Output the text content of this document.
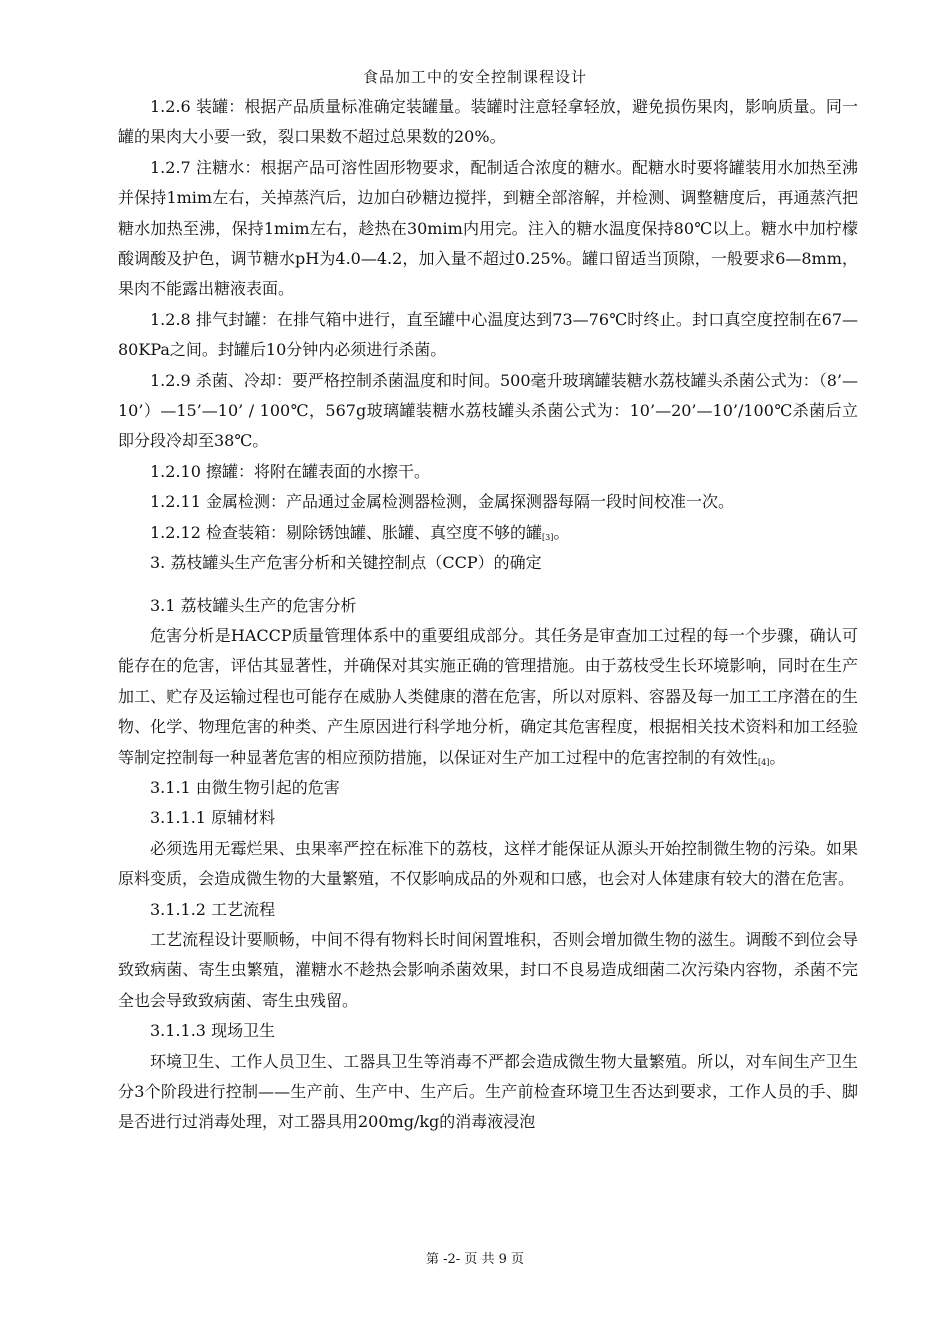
食品加工中的安全控制课程设计

1.2.6 装罐：根据产品质量标准确定装罐量。装罐时注意轻拿轻放，避免损伤果肉，影响质量。同一罐的果肉大小要一致，裂口果数不超过总果数的20%。

1.2.7 注糖水：根据产品可溶性固形物要求，配制适合浓度的糖水。配糖水时要将罐装用水加热至沸并保持1mim左右，关掉蒸汽后，边加白砂糖边搅拌，到糖全部溶解，并检测、调整糖度后，再通蒸汽把糖水加热至沸，保持1mim左右，趁热在30mim内用完。注入的糖水温度保持80℃以上。糖水中加柠檬酸调酸及护色，调节糖水pH为4.0—4.2，加入量不超过0.25%。罐口留适当顶隙，一般要求6—8mm，果肉不能露出糖液表面。

1.2.8 排气封罐：在排气箱中进行，直至罐中心温度达到73—76℃时终止。封口真空度控制在67—80KPa之间。封罐后10分钟内必须进行杀菌。

1.2.9 杀菌、冷却：要严格控制杀菌温度和时间。500毫升玻璃罐装糖水荔枝罐头杀菌公式为：（8’—10’）—15’—10’ / 100℃，567g玻璃罐装糖水荔枝罐头杀菌公式为：10’—20’—10’/100℃杀菌后立即分段冷却至38℃。

1.2.10 擦罐：将附在罐表面的水擦干。

1.2.11 金属检测：产品通过金属检测器检测，金属探测器每隔一段时间校准一次。

1.2.12 检查装箱：剔除锈蚀罐、胀罐、真空度不够的罐$_{[3]}$。

3. 荔枝罐头生产危害分析和关键控制点（CCP）的确定

3.1 荔枝罐头生产的危害分析

危害分析是HACCP质量管理体系中的重要组成部分。其任务是审查加工过程的每一个步骤，确认可能存在的危害，评估其显著性，并确保对其实施正确的管理措施。由于荔枝受生长环境影响，同时在生产加工、贮存及运输过程也可能存在威胁人类健康的潜在危害，所以对原料、容器及每一加工工序潜在的生物、化学、物理危害的种类、产生原因进行科学地分析，确定其危害程度，根据相关技术资料和加工经验等制定控制每一种显著危害的相应预防措施，以保证对生产加工过程中的危害控制的有效性$_{[4]}$。

3.1.1 由微生物引起的危害

3.1.1.1 原辅材料

必须选用无霉烂果、虫果率严控在标准下的荔枝，这样才能保证从源头开始控制微生物的污染。如果原料变质，会造成微生物的大量繁殖，不仅影响成品的外观和口感，也会对人体建康有较大的潜在危害。

3.1.1.2 工艺流程

工艺流程设计要顺畅，中间不得有物料长时间闲置堆积，否则会增加微生物的滋生。调酸不到位会导致致病菌、寄生虫繁殖，灌糖水不趁热会影响杀菌效果，封口不良易造成细菌二次污染内容物，杀菌不完全也会导致致病菌、寄生虫残留。

3.1.1.3 现场卫生

环境卫生、工作人员卫生、工器具卫生等消毒不严都会造成微生物大量繁殖。所以，对车间生产卫生分3个阶段进行控制——生产前、生产中、生产后。生产前检查环境卫生否达到要求，工作人员的手、脚是否进行过消毒处理，对工器具用200mg/kg的消毒液浸泡

第 -2- 页 共 9 页
